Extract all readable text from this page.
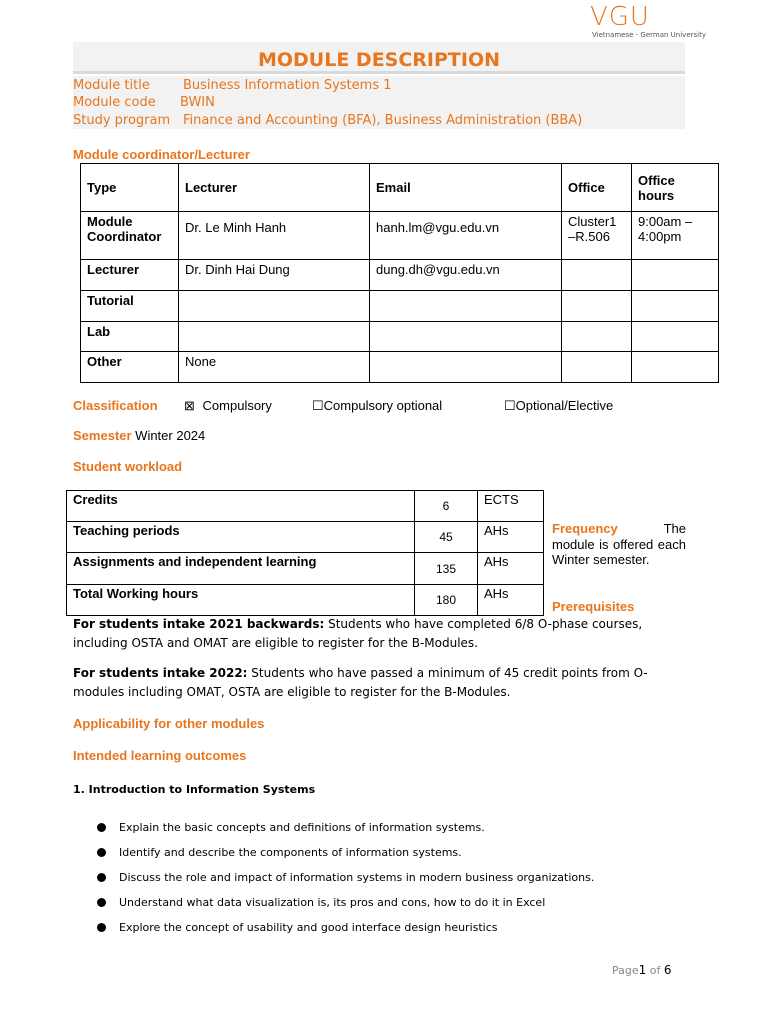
VGU
Vietnamese - German University
MODULE DESCRIPTION
Module title	Business Information Systems 1
Module code BWIN
Study program Finance and Accounting (BFA), Business Administration (BBA)
Module coordinator/Lecturer
Type	Lecturer	Email	Office	Office hours
Module Coordinator	Dr. Le Minh Hanh	hanh.lm@vgu.edu.vn	Cluster1 –R.506	9:00am – 4:00pm
Lecturer	Dr. Dinh Hai Dung	dung.dh@vgu.edu.vn		
Tutorial				
Lab				
Other	None			
Classification ⊠ Compulsory	☐Compulsory optional	☐Optional/Elective
Semester Winter 2024
Student workload
Credits	6	ECTS
Teaching periods	45	AHs
Assignments and independent learning	135	AHs
Total Working hours	180	AHs
Frequency	The module is offered each Winter semester.
Prerequisites
For students intake 2021 backwards: Students who have completed 6/8 O-phase courses, including OSTA and OMAT are eligible to register for the B-Modules.
For students intake 2022: Students who have passed a minimum of 45 credit points from O-modules including OMAT, OSTA are eligible to register for the B-Modules.
Applicability for other modules
Intended learning outcomes
1. Introduction to Information Systems
Explain the basic concepts and definitions of information systems.
Identify and describe the components of information systems.
Discuss the role and impact of information systems in modern business organizations.
Understand what data visualization is, its pros and cons, how to do it in Excel
Explore the concept of usability and good interface design heuristics
Page1 of 6
